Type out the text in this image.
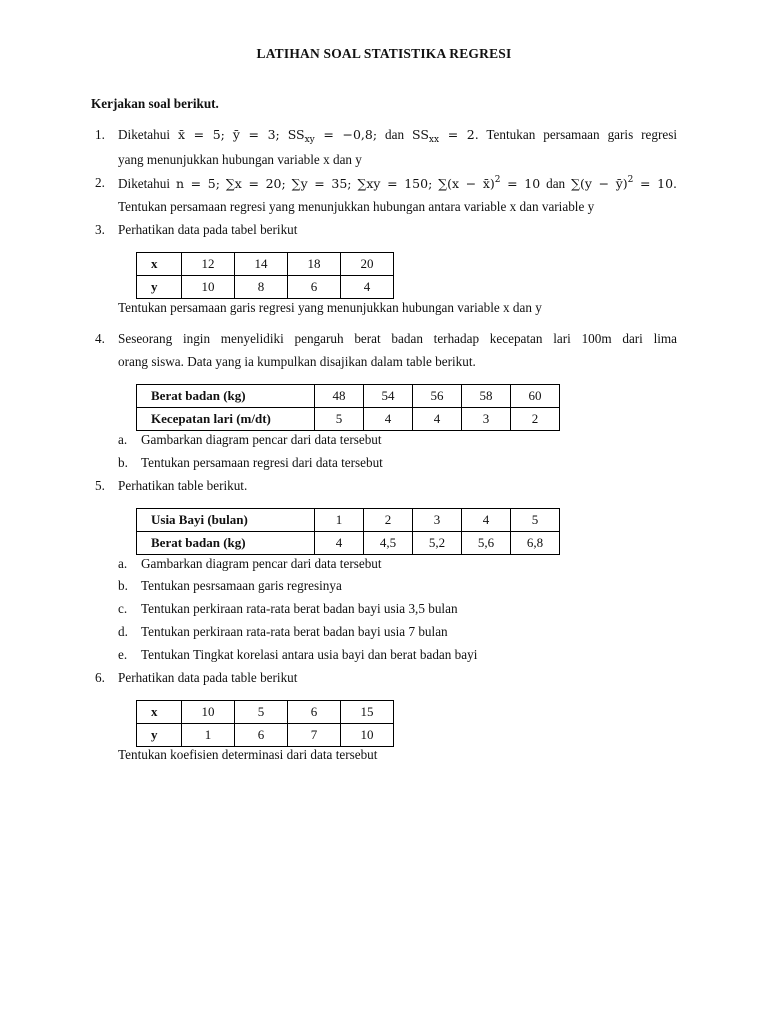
LATIHAN SOAL STATISTIKA REGRESI
Kerjakan soal berikut.
1. Diketahui x̄ = 5; ȳ = 3; $SS_{xy} = -0,8$; dan $SS_{xx} = 2$. Tentukan persamaan garis regresi
yang menunjukkan hubungan variable x dan y
2. Diketahui n = 5; ∑x = 20; ∑y = 35; ∑xy = 150; ∑(x − x̄)$^2$ = 10 dan ∑(y − ȳ)$^2$ = 10.
Tentukan persamaan regresi yang menunjukkan hubungan antara variable x dan variable y
3. Perhatikan data pada tabel berikut
x	12	14	18	20
y	10	8	6	4
Tentukan persamaan garis regresi yang menunjukkan hubungan variable x dan y
4. Seseorang ingin menyelidiki pengaruh berat badan terhadap kecepatan lari 100m dari lima
orang siswa. Data yang ia kumpulkan disajikan dalam table berikut.
Berat badan (kg)	48	54	56	58	60
Kecepatan lari (m/dt)	5	4	4	3	2
a. Gambarkan diagram pencar dari data tersebut
b. Tentukan persamaan regresi dari data tersebut
5. Perhatikan table berikut.
Usia Bayi (bulan)	1	2	3	4	5
Berat badan (kg)	4	4,5	5,2	5,6	6,8
a. Gambarkan diagram pencar dari data tersebut
b. Tentukan pesrsamaan garis regresinya
c. Tentukan perkiraan rata-rata berat badan bayi usia 3,5 bulan
d. Tentukan perkiraan rata-rata berat badan bayi usia 7 bulan
e. Tentukan Tingkat korelasi antara usia bayi dan berat badan bayi
6. Perhatikan data pada table berikut
x	10	5	6	15
y	1	6	7	10
Tentukan koefisien determinasi dari data tersebut
